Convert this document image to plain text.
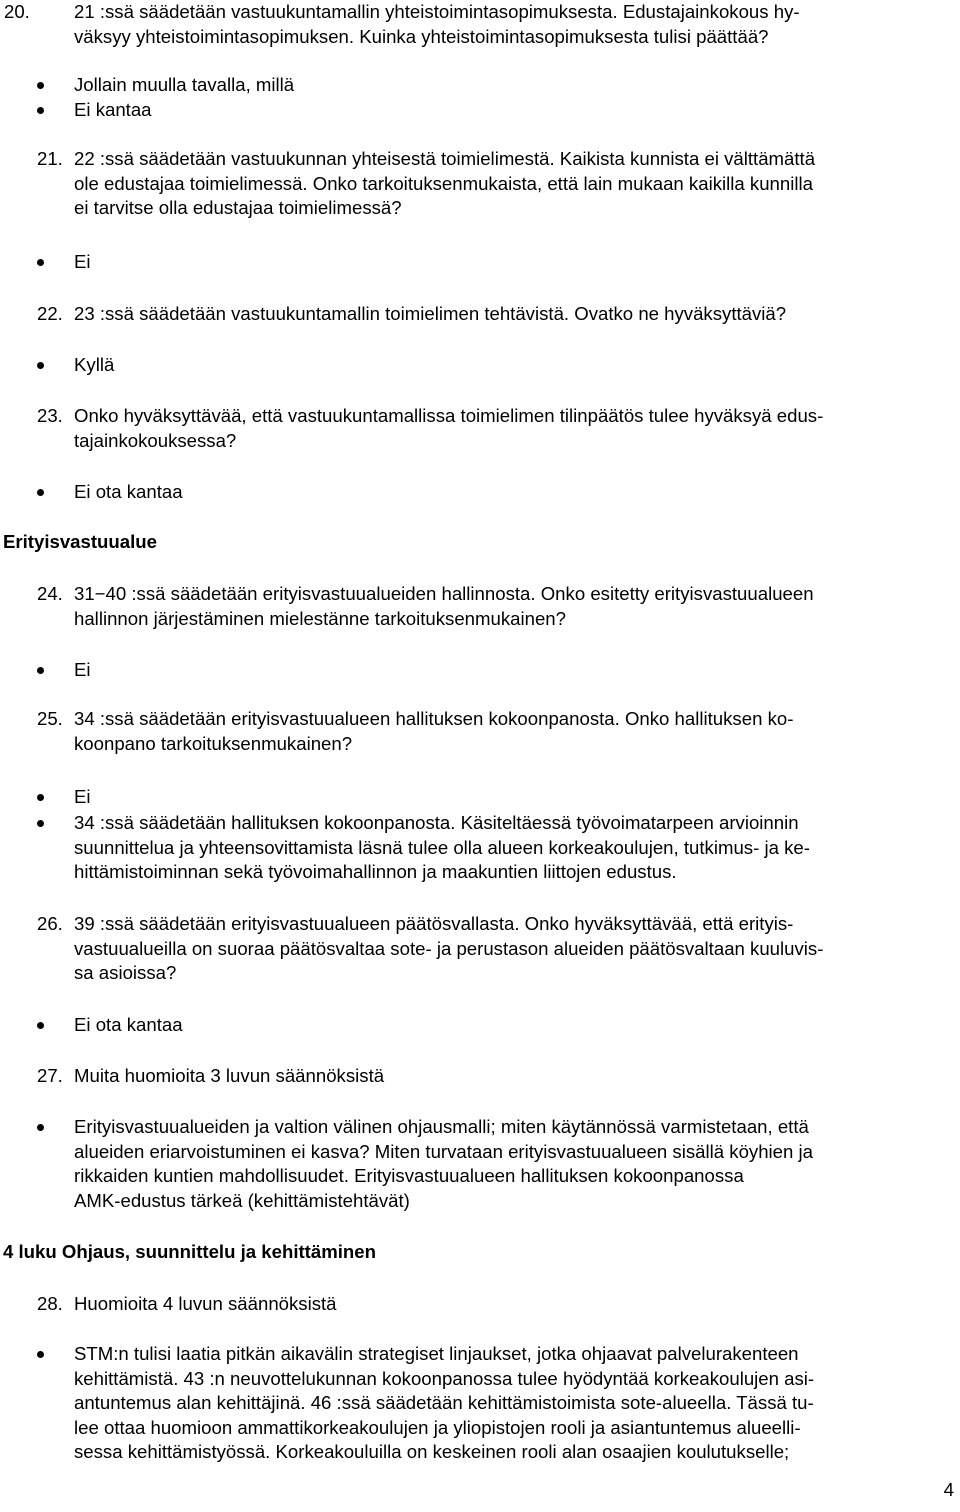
20.	21 :ssä säädetään vastuukuntamallin yhteistoimintasopimuksesta. Edustajainkokous hy-
väksyy yhteistoimintasopimuksen. Kuinka yhteistoimintasopimuksesta tulisi päättää?
Jollain muulla tavalla, millä
Ei kantaa
21. 22 :ssä säädetään vastuukunnan yhteisestä toimielimestä. Kaikista kunnista ei välttämättä
ole edustajaa toimielimessä. Onko tarkoituksenmukaista, että lain mukaan kaikilla kunnilla
ei tarvitse olla edustajaa toimielimessä?
Ei
22. 23 :ssä säädetään vastuukuntamallin toimielimen tehtävistä. Ovatko ne hyväksyttäviä?
Kyllä
23. Onko hyväksyttävää, että vastuukuntamallissa toimielimen tilinpäätös tulee hyväksyä edus-
tajainkokouksessa?
Ei ota kantaa
Erityisvastuualue
24. 31−40 :ssä säädetään erityisvastuualueiden hallinnosta. Onko esitetty erityisvastuualueen
hallinnon järjestäminen mielestänne tarkoituksenmukainen?
Ei
25. 34 :ssä säädetään erityisvastuualueen hallituksen kokoonpanosta. Onko hallituksen ko-
koonpano tarkoituksenmukainen?
Ei
34 :ssä säädetään hallituksen kokoonpanosta. Käsiteltäessä työvoimatarpeen arvioinnin
suunnittelua ja yhteensovittamista läsnä tulee olla alueen korkeakoulujen, tutkimus- ja ke-
hittämistoiminnan sekä työvoimahallinnon ja maakuntien liittojen edustus.
26. 39 :ssä säädetään erityisvastuualueen päätösvallasta. Onko hyväksyttävää, että erityis-
vastuualueilla on suoraa päätösvaltaa sote- ja perustason alueiden päätösvaltaan kuuluvis-
sa asioissa?
Ei ota kantaa
27. Muita huomioita 3 luvun säännöksistä
Erityisvastuualueiden ja valtion välinen ohjausmalli; miten käytännössä varmistetaan, että
alueiden eriarvoistuminen ei kasva? Miten turvataan erityisvastuualueen sisällä köyhien ja
rikkaiden kuntien mahdollisuudet. Erityisvastuualueen hallituksen kokoonpanossa
AMK-edustus tärkeä (kehittämistehtävät)
4 luku Ohjaus, suunnittelu ja kehittäminen
28. Huomioita 4 luvun säännöksistä
STM:n tulisi laatia pitkän aikavälin strategiset linjaukset, jotka ohjaavat palvelurakenteen
kehittämistä. 43 :n neuvottelukunnan kokoonpanossa tulee hyödyntää korkeakoulujen asi-
antuntemus alan kehittäjinä. 46 :ssä säädetään kehittämistoimista sote-alueella. Tässä tu-
lee ottaa huomioon ammattikorkeakoulujen ja yliopistojen rooli ja asiantuntemus alueelli-
sessa kehittämistyössä. Korkeakouluilla on keskeinen rooli alan osaajien koulutukselle;
4
